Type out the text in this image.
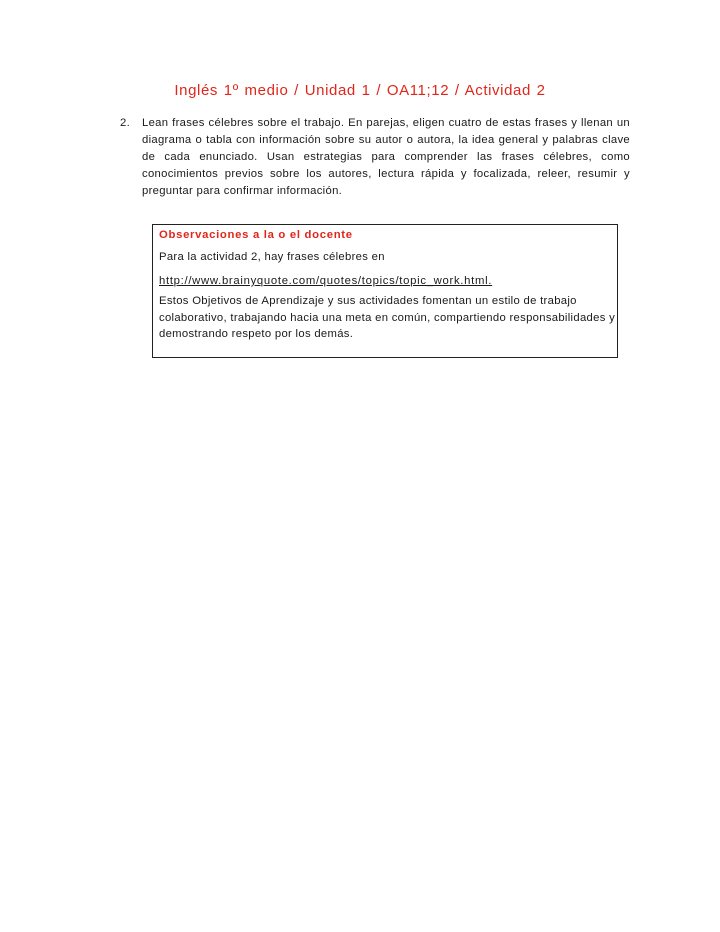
Inglés 1º medio / Unidad 1 / OA11;12 / Actividad 2
2.	Lean frases célebres sobre el trabajo. En parejas, eligen cuatro de estas frases y llenan un diagrama o tabla con información sobre su autor o autora, la idea general y palabras clave de cada enunciado. Usan estrategias para comprender las frases célebres, como conocimientos previos sobre los autores, lectura rápida y focalizada, releer, resumir y preguntar para confirmar información.
Observaciones a la o el docente
Para la actividad 2, hay frases célebres en
http://www.brainyquote.com/quotes/topics/topic_work.html.
Estos Objetivos de Aprendizaje y sus actividades fomentan un estilo de trabajo colaborativo, trabajando hacia una meta en común, compartiendo responsabilidades y demostrando respeto por los demás.
